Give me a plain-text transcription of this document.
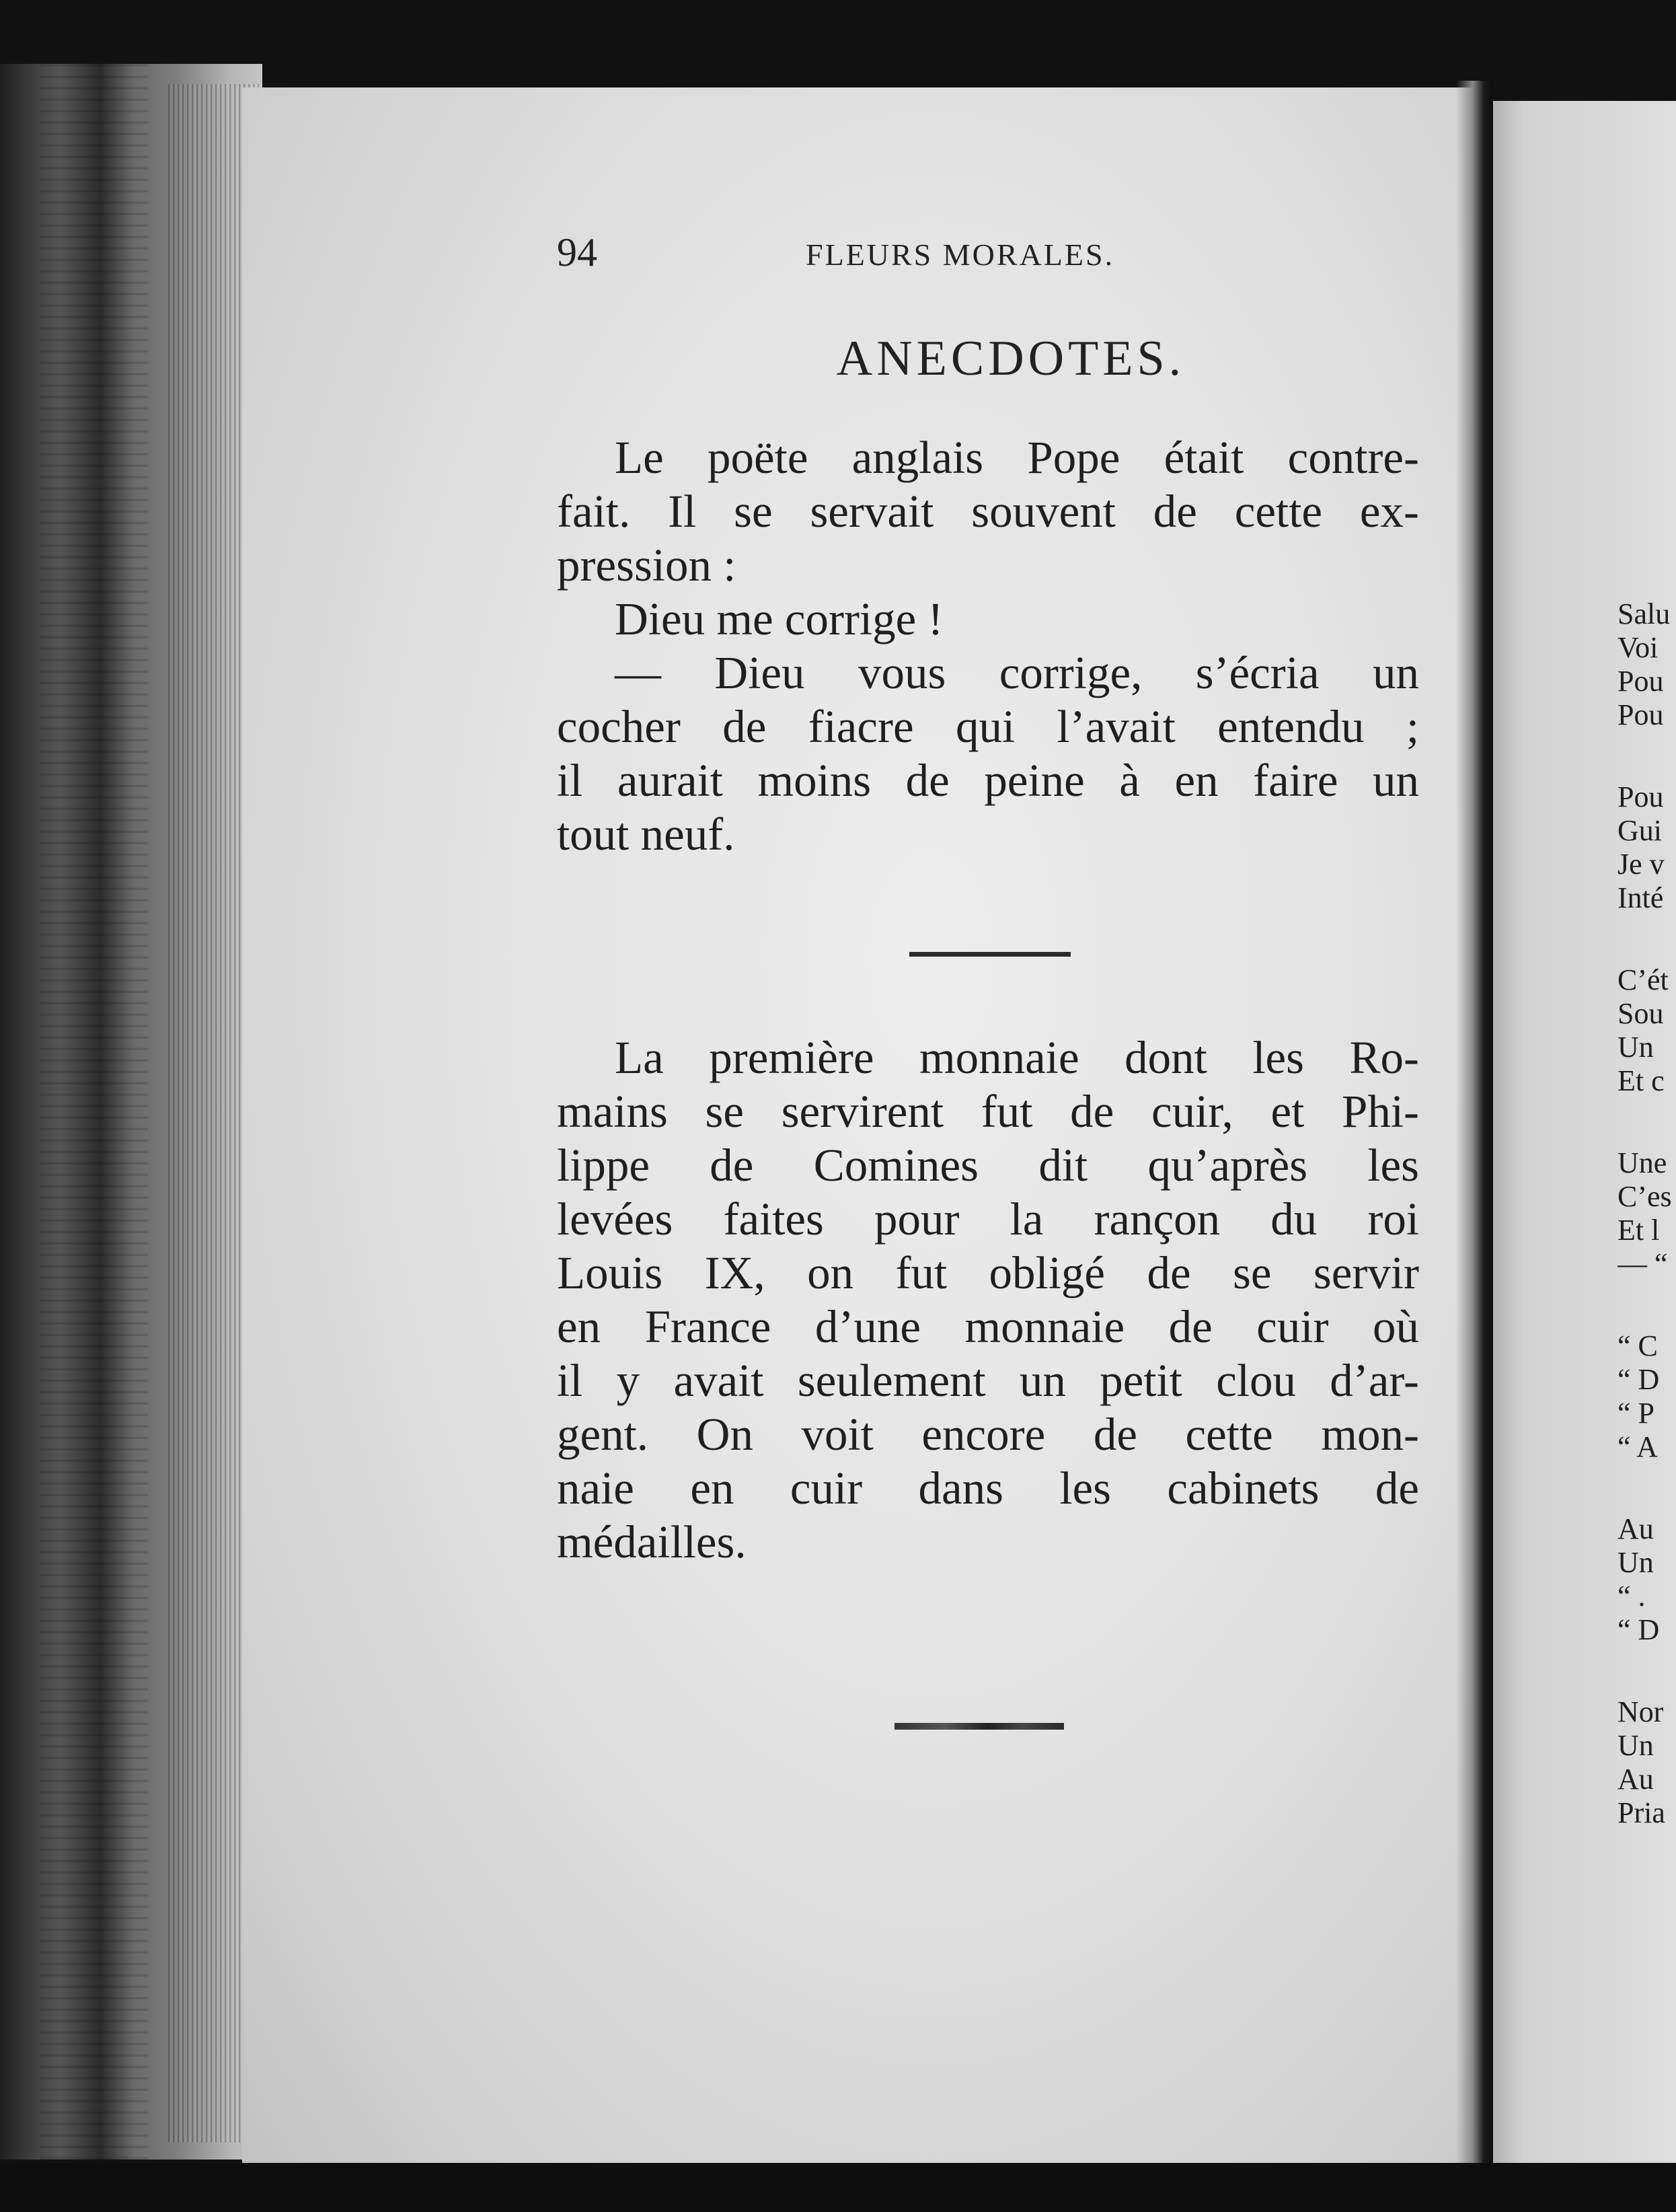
94	FLEURS MORALES.
ANECDOTES.
Le poëte anglais Pope était contre-
fait. Il se servait souvent de cette ex-
pression :
Dieu me corrige !
— Dieu vous corrige, s’écria un
cocher de fiacre qui l’avait entendu ;
il aurait moins de peine à en faire un
tout neuf.
La première monnaie dont les Ro-
mains se servirent fut de cuir, et Phi-
lippe de Comines dit qu’après les
levées faites pour la rançon du roi
Louis IX, on fut obligé de se servir
en France d’une monnaie de cuir où
il y avait seulement un petit clou d’ar-
gent. On voit encore de cette mon-
naie en cuir dans les cabinets de
médailles.
Salu
Voi
Pou
Pou
Pou
Gui
Je v
Inté
C’ét
Sou
Un
Et c
Une
C’es
Et l
— “
“ C
“ D
“ P
“ A
Au
Un
“ .
“ D
Nor
Un
Au
Pria
